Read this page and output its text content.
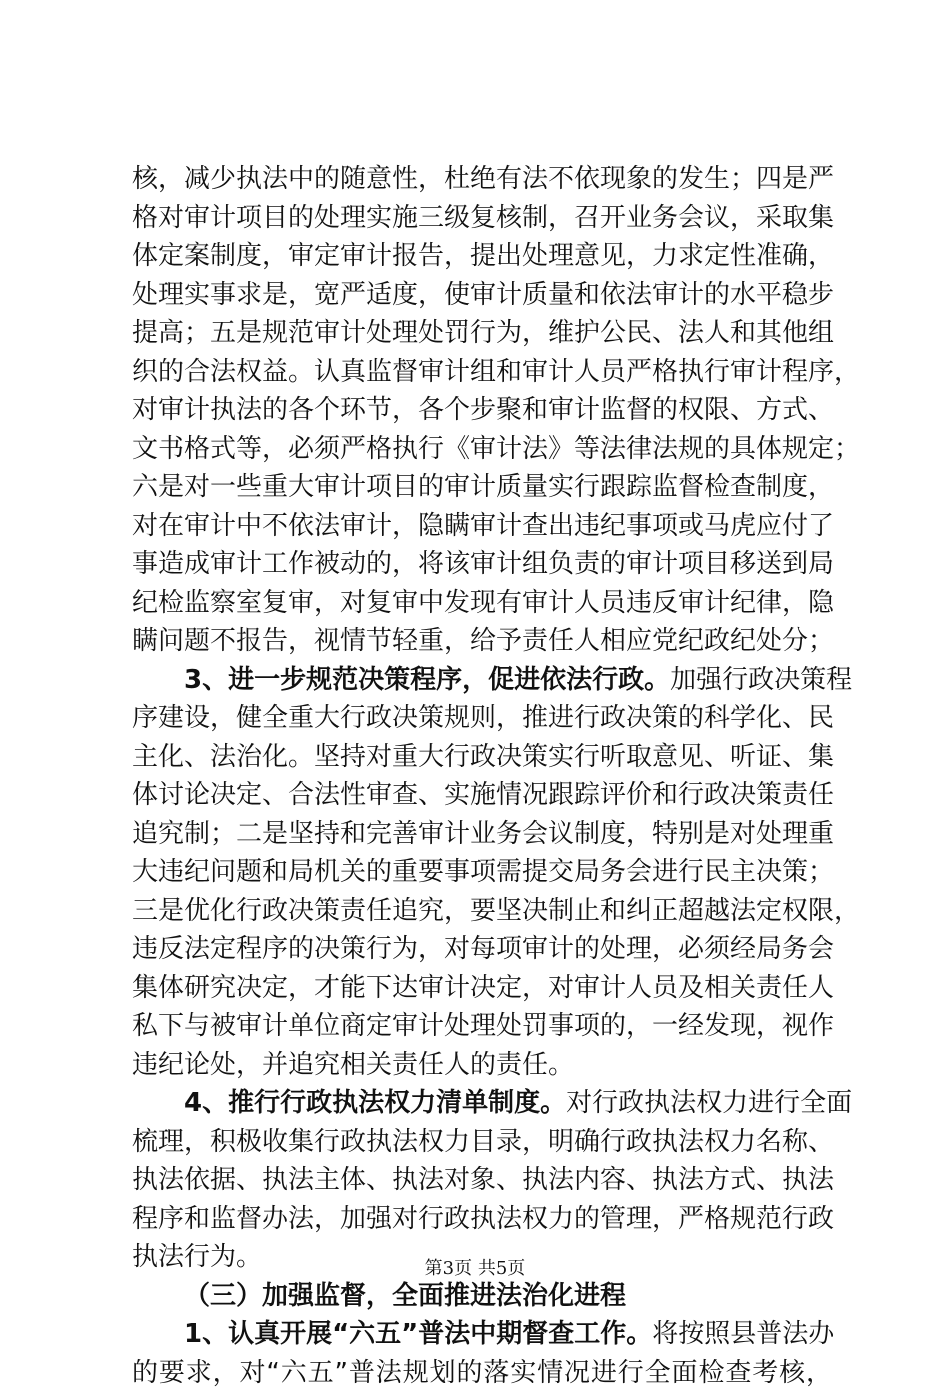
核，减少执法中的随意性，杜绝有法不依现象的发生；四是严
格对审计项目的处理实施三级复核制，召开业务会议，采取集
体定案制度，审定审计报告，提出处理意见，力求定性准确，
处理实事求是，宽严适度，使审计质量和依法审计的水平稳步
提高；五是规范审计处理处罚行为，维护公民、法人和其他组
织的合法权益。认真监督审计组和审计人员严格执行审计程序，
对审计执法的各个环节，各个步聚和审计监督的权限、方式、
文书格式等，必须严格执行《审计法》等法律法规的具体规定；
六是对一些重大审计项目的审计质量实行跟踪监督检查制度，
对在审计中不依法审计，隐瞒审计查出违纪事项或马虎应付了
事造成审计工作被动的，将该审计组负责的审计项目移送到局
纪检监察室复审，对复审中发现有审计人员违反审计纪律，隐
瞒问题不报告，视情节轻重，给予责任人相应党纪政纪处分；
3、进一步规范决策程序，促进依法行政。加强行政决策程
序建设，健全重大行政决策规则，推进行政决策的科学化、民
主化、法治化。坚持对重大行政决策实行听取意见、听证、集
体讨论决定、合法性审查、实施情况跟踪评价和行政决策责任
追究制；二是坚持和完善审计业务会议制度，特别是对处理重
大违纪问题和局机关的重要事项需提交局务会进行民主决策；
三是优化行政决策责任追究，要坚决制止和纠正超越法定权限，
违反法定程序的决策行为，对每项审计的处理，必须经局务会
集体研究决定，才能下达审计决定，对审计人员及相关责任人
私下与被审计单位商定审计处理处罚事项的，一经发现，视作
违纪论处，并追究相关责任人的责任。
4、推行行政执法权力清单制度。对行政执法权力进行全面
梳理，积极收集行政执法权力目录，明确行政执法权力名称、
执法依据、执法主体、执法对象、执法内容、执法方式、执法
程序和监督办法，加强对行政执法权力的管理，严格规范行政
执法行为。
（三）加强监督，全面推进法治化进程
1、认真开展“六五”普法中期督查工作。将按照县普法办
的要求，对“六五”普法规划的落实情况进行全面检查考核，
第3页 共5页
